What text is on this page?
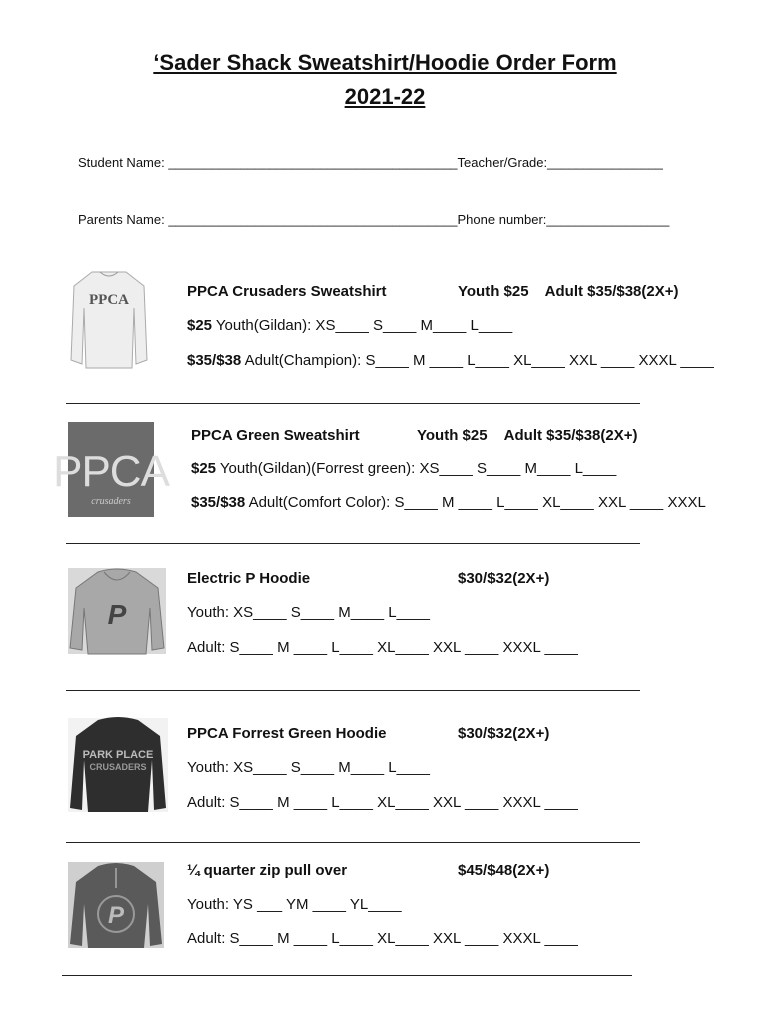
‘Sader Shack Sweatshirt/Hoodie Order Form
2021-22
Student Name: ________________________________________Teacher/Grade:________________
Parents Name: ________________________________________Phone number:_________________
PPCA	PPCA Crusaders Sweatshirt	Youth $25    Adult $35/$38(2X+)
$25 Youth(Gildan): XS____ S____ M____ L____
$35/$38 Adult(Champion): S____ M ____ L____ XL____ XXL ____ XXXL ____
PPCA
crusaders
PPCA Green Sweatshirt	Youth $25    Adult $35/$38(2X+)
$25 Youth(Gildan)(Forrest green): XS____ S____ M____ L____
$35/$38 Adult(Comfort Color): S____ M ____ L____ XL____ XXL ____ XXXL
P
Electric P Hoodie	$30/$32(2X+)
Youth: XS____ S____ M____ L____
Adult: S____ M ____ L____ XL____ XXL ____ XXXL ____
PARK PLACE
CRUSADERS
PPCA Forrest Green Hoodie	$30/$32(2X+)
Youth: XS____ S____ M____ L____
Adult: S____ M ____ L____ XL____ XXL ____ XXXL ____
P
¼ quarter zip pull over	$45/$48(2X+)
Youth: YS ___ YM ____ YL____
Adult: S____ M ____ L____ XL____ XXL ____ XXXL ____
